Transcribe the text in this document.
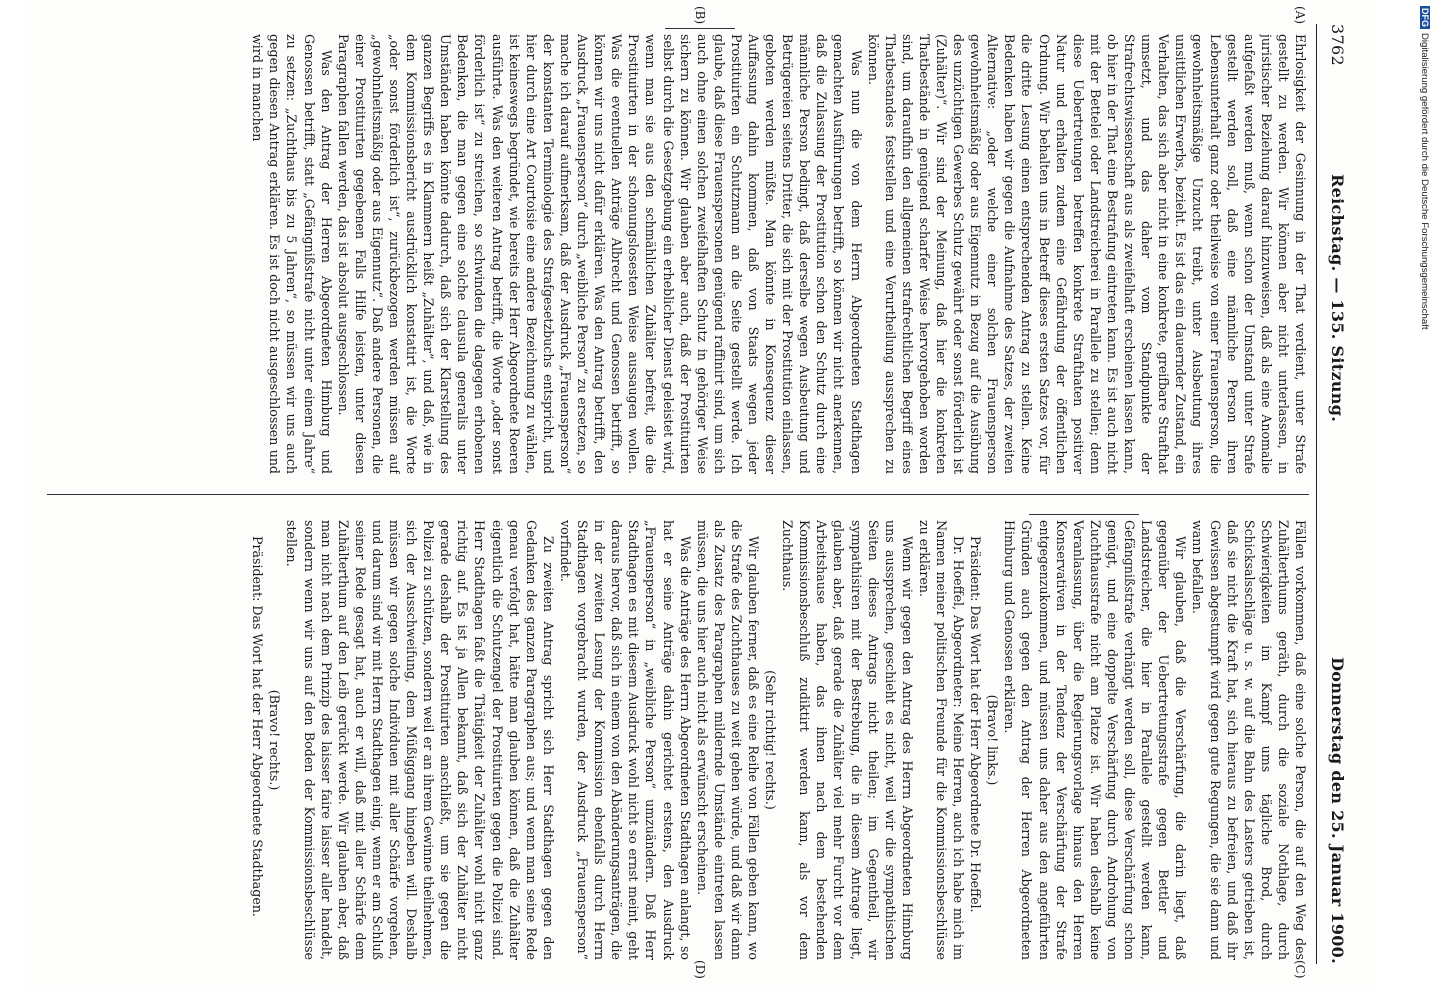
3762
Reichstag. — 135. Sitzung.
Donnerstag den 25. Januar 1900.
(A)
(B)
(C)
(D)

Ehrlosigkeit der Gesinnung in der That verdient, unter Strafe gestellt zu werden. Wir können aber nicht unterlassen, in juristischer Beziehung darauf hinzuweisen, daß als eine Anomalie aufgefaßt werden muß, wenn schon der Umstand unter Strafe gestellt werden soll, daß eine männliche Person ihren Lebensunterhalt ganz oder theilweise von einer Frauensperson, die gewohnheitsmäßige Unzucht treibt, unter Ausbeutung ihres unsittlichen Erwerbs, bezieht. Es ist das ein dauernder Zustand, ein Verhalten, das sich aber nicht in eine konkrete, greifbare Strafthat umsetzt, und das daher vom Standpunkte der Strafrechtswissenschaft aus als zweifelhaft erscheinen lassen kann, ob hier in der That eine Bestrafung eintreten kann. Es ist auch nicht mit der Bettelei oder Landstreicherei in Parallele zu stellen; denn diese Uebertretungen betreffen konkrete Strafthaten positiver Natur und erhalten zudem eine Gefährdung der öffentlichen Ordnung. Wir behalten uns in Betreff dieses ersten Satzes vor, für die dritte Lesung einen entsprechenden Antrag zu stellen. Keine Bedenken haben wir gegen die Aufnahme des Satzes, der zweiten Alternative: „oder welche einer solchen Frauensperson gewohnheitsmäßig oder aus Eigennutz in Bezug auf die Ausübung des unzüchtigen Gewerbes Schutz gewährt oder sonst förderlich ist (Zuhälter)“. Wir sind der Meinung, daß hier die konkreten Thatbestände in genügend scharfer Weise hervorgehoben worden sind, um daraufhin den allgemeinen strafrechtlichen Begriff eines Thatbestandes feststellen und eine Verurtheilung aussprechen zu können.

Was nun die von dem Herrn Abgeordneten Stadthagen gemachten Ausführungen betrifft, so können wir nicht anerkennen, daß die Zulassung der Prostitution schon den Schutz durch eine männliche Person bedingt, daß derselbe wegen Ausbeutung und Betrügereien seitens Dritter, die sich mit der Prostitution einlassen, geboten werden müßte. Man könnte in Konsequenz dieser Auffassung dahin kommen, daß von Staats wegen jeder Prostituirten ein Schutzmann an die Seite gestellt werde. Ich glaube, daß diese Frauenspersonen genügend raffinirt sind, um sich auch ohne einen solchen zweifelhaften Schutz in gehöriger Weise sichern zu können. Wir glauben aber auch, daß der Prostituirten selbst durch die Gesetzgebung ein erheblicher Dienst geleistet wird, wenn man sie aus den schmählichen Zuhälter befreit, die die Prostituirten in der schonungslosesten Weise aussaugen wollen. Was die eventuellen Anträge Albrecht und Genossen betrifft, so können wir uns nicht dafür erklären. Was den Antrag betrifft, den Ausdruck „Frauensperson“ durch „weibliche Person“ zu ersetzen, so mache ich darauf aufmerksam, daß der Ausdruck „Frauensperson“ der konstanten Terminologie des Strafgesetzbuchs entspricht, und hier durch eine Art Courtoisie eine andere Bezeichnung zu wählen, ist keineswegs begründet, wie bereits der Herr Abgeordnete Roeren ausführte. Was den weiteren Antrag betrifft, die Worte „oder sonst förderlich ist“ zu streichen, so schwinden die dagegen erhobenen Bedenken, die man gegen eine solche clausula generalis unter Umständen haben könnte dadurch, daß sich der Klarstellung des ganzen Begriffs es in Klammern heißt „Zuhälter“, und daß, wie in dem Kommissionsbericht ausdrücklich konstatirt ist, die Worte „oder sonst förderlich ist“, zurückbezogen werden müssen auf „gewohnheitsmäßig oder aus Eigennutz“. Daß andere Personen, die einer Prostituirten gegebenen Falls Hilfe leisten, unter diesen Paragraphen fallen werden, das ist absolut ausgeschlossen.

Was den Antrag der Herren Abgeordneten Himburg und Genossen betrifft, statt „Gefängnißstrafe nicht unter einem Jahre“ zu setzen: „Zuchthaus bis zu 5 Jahren“, so müssen wir uns auch gegen diesen Antrag erklären. Es ist doch nicht ausgeschlossen und wird in manchen

Fällen vorkommen, daß eine solche Person, die auf den Weg des Zuhälterthums geräth, durch die soziale Nothlage, durch Schwierigkeiten im Kampf ums tägliche Brod, durch Schicksalsschläge u. s. w. auf die Bahn des Lasters getrieben ist, daß sie nicht die Kraft hat, sich hieraus zu befreien, und daß ihr Gewissen abgestumpft wird gegen gute Regungen, die sie dann und wann befallen.

Wir glauben, daß die Verschärfung, die darin liegt, daß gegenüber der Uebertretungsstrafe gegen Bettler und Landstreicher, die hier in Parallele gestellt werden kann, Gefängnißstrafe verhängt werden soll, diese Verschärfung schon genügt, und eine doppelte Verschärfung durch Androhung von Zuchthausstrafe nicht am Platze ist. Wir haben deshalb keine Veranlassung, über die Regierungsvorlage hinaus den Herren Konservativen in der Tendenz der Verschärfung der Strafe entgegenzukommen, und müssen uns daher aus den angeführten Gründen auch gegen den Antrag der Herren Abgeordneten Himburg und Genossen erklären.

(Bravo! links.)

Präsident: Das Wort hat der Herr Abgeordnete Dr. Hoeffel.

Dr. Hoeffel, Abgeordneter: Meine Herren, auch ich habe mich im Namen meiner politischen Freunde für die Kommissionsbeschlüsse zu erklären.

Wenn wir gegen den Antrag des Herrn Abgeordneten Himburg uns aussprechen, geschieht es nicht, weil wir die sympathischen Seiten dieses Antrags nicht theilen; im Gegentheil, wir sympathisiren mit der Bestrebung, die in diesem Antrage liegt, glauben aber, daß gerade die Zuhälter viel mehr Furcht vor dem Arbeitshause haben, das ihnen nach dem bestehenden Kommissionsbeschluß zudiktirt werden kann, als vor dem Zuchthaus.

(Sehr richtig! rechts.)

Wir glauben ferner, daß es eine Reihe von Fällen geben kann, wo die Strafe des Zuchthauses zu weit gehen würde, und daß wir dann als Zusatz des Paragraphen mildernde Umstände eintreten lassen müssen, die uns hier auch nicht als erwünscht erscheinen.

Was die Anträge des Herrn Abgeordneten Stadthagen anlangt, so hat er seine Anträge dahin gerichtet erstens, den Ausdruck „Frauensperson“ in „weibliche Person“ umzuändern. Daß Herr Stadthagen es mit diesem Ausdruck wohl nicht so ernst meint, geht daraus hervor, daß sich in einem von den Abänderungsanträgen, die in der zweiten Lesung der Kommission ebenfalls durch Herrn Stadthagen vorgebracht wurden, der Ausdruck „Frauensperson“ vorfindet.

Zu zweiten Antrag spricht sich Herr Stadthagen gegen den Gedanken des ganzen Paragraphen aus; und wenn man seine Rede genau verfolgt hat, hätte man glauben können, daß die Zuhälter eigentlich die Schutzengel der Prostituirten gegen die Polizei sind. Herr Stadthagen faßt die Thätigkeit der Zuhälter wohl nicht ganz richtig auf. Es ist ja Allen bekannt, daß sich der Zuhälter nicht gerade deshalb der Prostituirten anschließt, um sie gegen die Polizei zu schützen, sondern weil er an ihrem Gewinne theilnehmen, sich der Ausschweifung, dem Müßiggang hingeben will. Deshalb müssen wir gegen solche Individuen mit aller Schärfe vorgehen, und darum sind wir mit Herrn Stadthagen einig, wenn er am Schluß seiner Rede gesagt hat, auch er will, daß mit aller Schärfe dem Zuhälterthum auf den Leib gerückt werde. Wir glauben aber, daß man nicht nach dem Prinzip des laisser faire laisser aller handelt, sondern wenn wir uns auf den Boden der Kommissionsbeschlüsse stellen.

(Bravo! rechts.)

Präsident: Das Wort hat der Herr Abgeordnete Stadthagen.

DFGDigitalisierung gefördert durch die Deutsche Forschungsgemeinschaft
